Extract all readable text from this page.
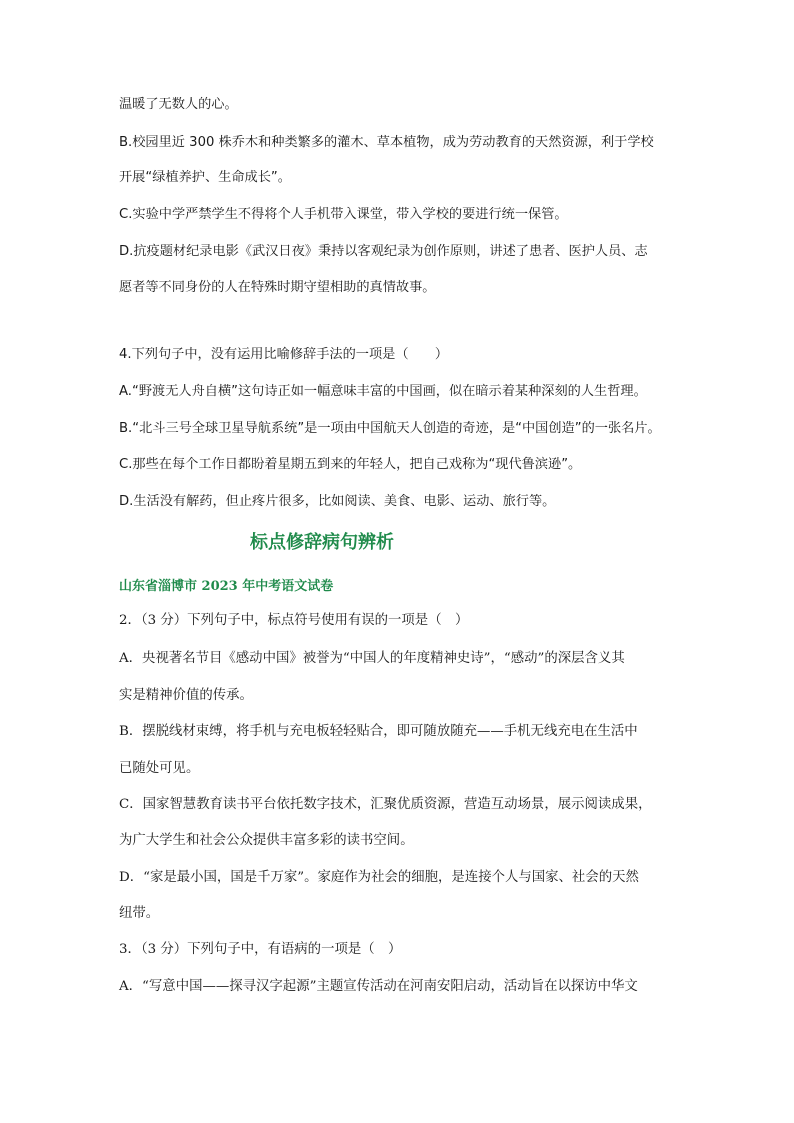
温暖了无数人的心。
B.校园里近 300 株乔木和种类繁多的灌木、草本植物，成为劳动教育的天然资源，利于学校
开展“绿植养护、生命成长”。
C.实验中学严禁学生不得将个人手机带入课堂，带入学校的要进行统一保管。
D.抗疫题材纪录电影《武汉日夜》秉持以客观纪录为创作原则，讲述了患者、医护人员、志
愿者等不同身份的人在特殊时期守望相助的真情故事。
4.下列句子中，没有运用比喻修辞手法的一项是（　　）
A.“野渡无人舟自横”这句诗正如一幅意味丰富的中国画，似在暗示着某种深刻的人生哲理。
B.“北斗三号全球卫星导航系统”是一项由中国航天人创造的奇迹，是“中国创造”的一张名片。
C.那些在每个工作日都盼着星期五到来的年轻人，把自己戏称为“现代鲁滨逊”。
D.生活没有解药，但止疼片很多，比如阅读、美食、电影、运动、旅行等。
标点修辞病句辨析
山东省淄博市 2023 年中考语文试卷
2．（3 分）下列句子中，标点符号使用有误的一项是（　）
A．央视著名节目《感动中国》被誉为“中国人的年度精神史诗”，“感动”的深层含义其
实是精神价值的传承。
B．摆脱线材束缚，将手机与充电板轻轻贴合，即可随放随充——手机无线充电在生活中
已随处可见。
C．国家智慧教育读书平台依托数字技术，汇聚优质资源，营造互动场景，展示阅读成果，
为广大学生和社会公众提供丰富多彩的读书空间。
D．“家是最小国，国是千万家”。家庭作为社会的细胞，是连接个人与国家、社会的天然
纽带。
3．（3 分）下列句子中，有语病的一项是（　）
A．“写意中国——探寻汉字起源”主题宣传活动在河南安阳启动，活动旨在以探访中华文
